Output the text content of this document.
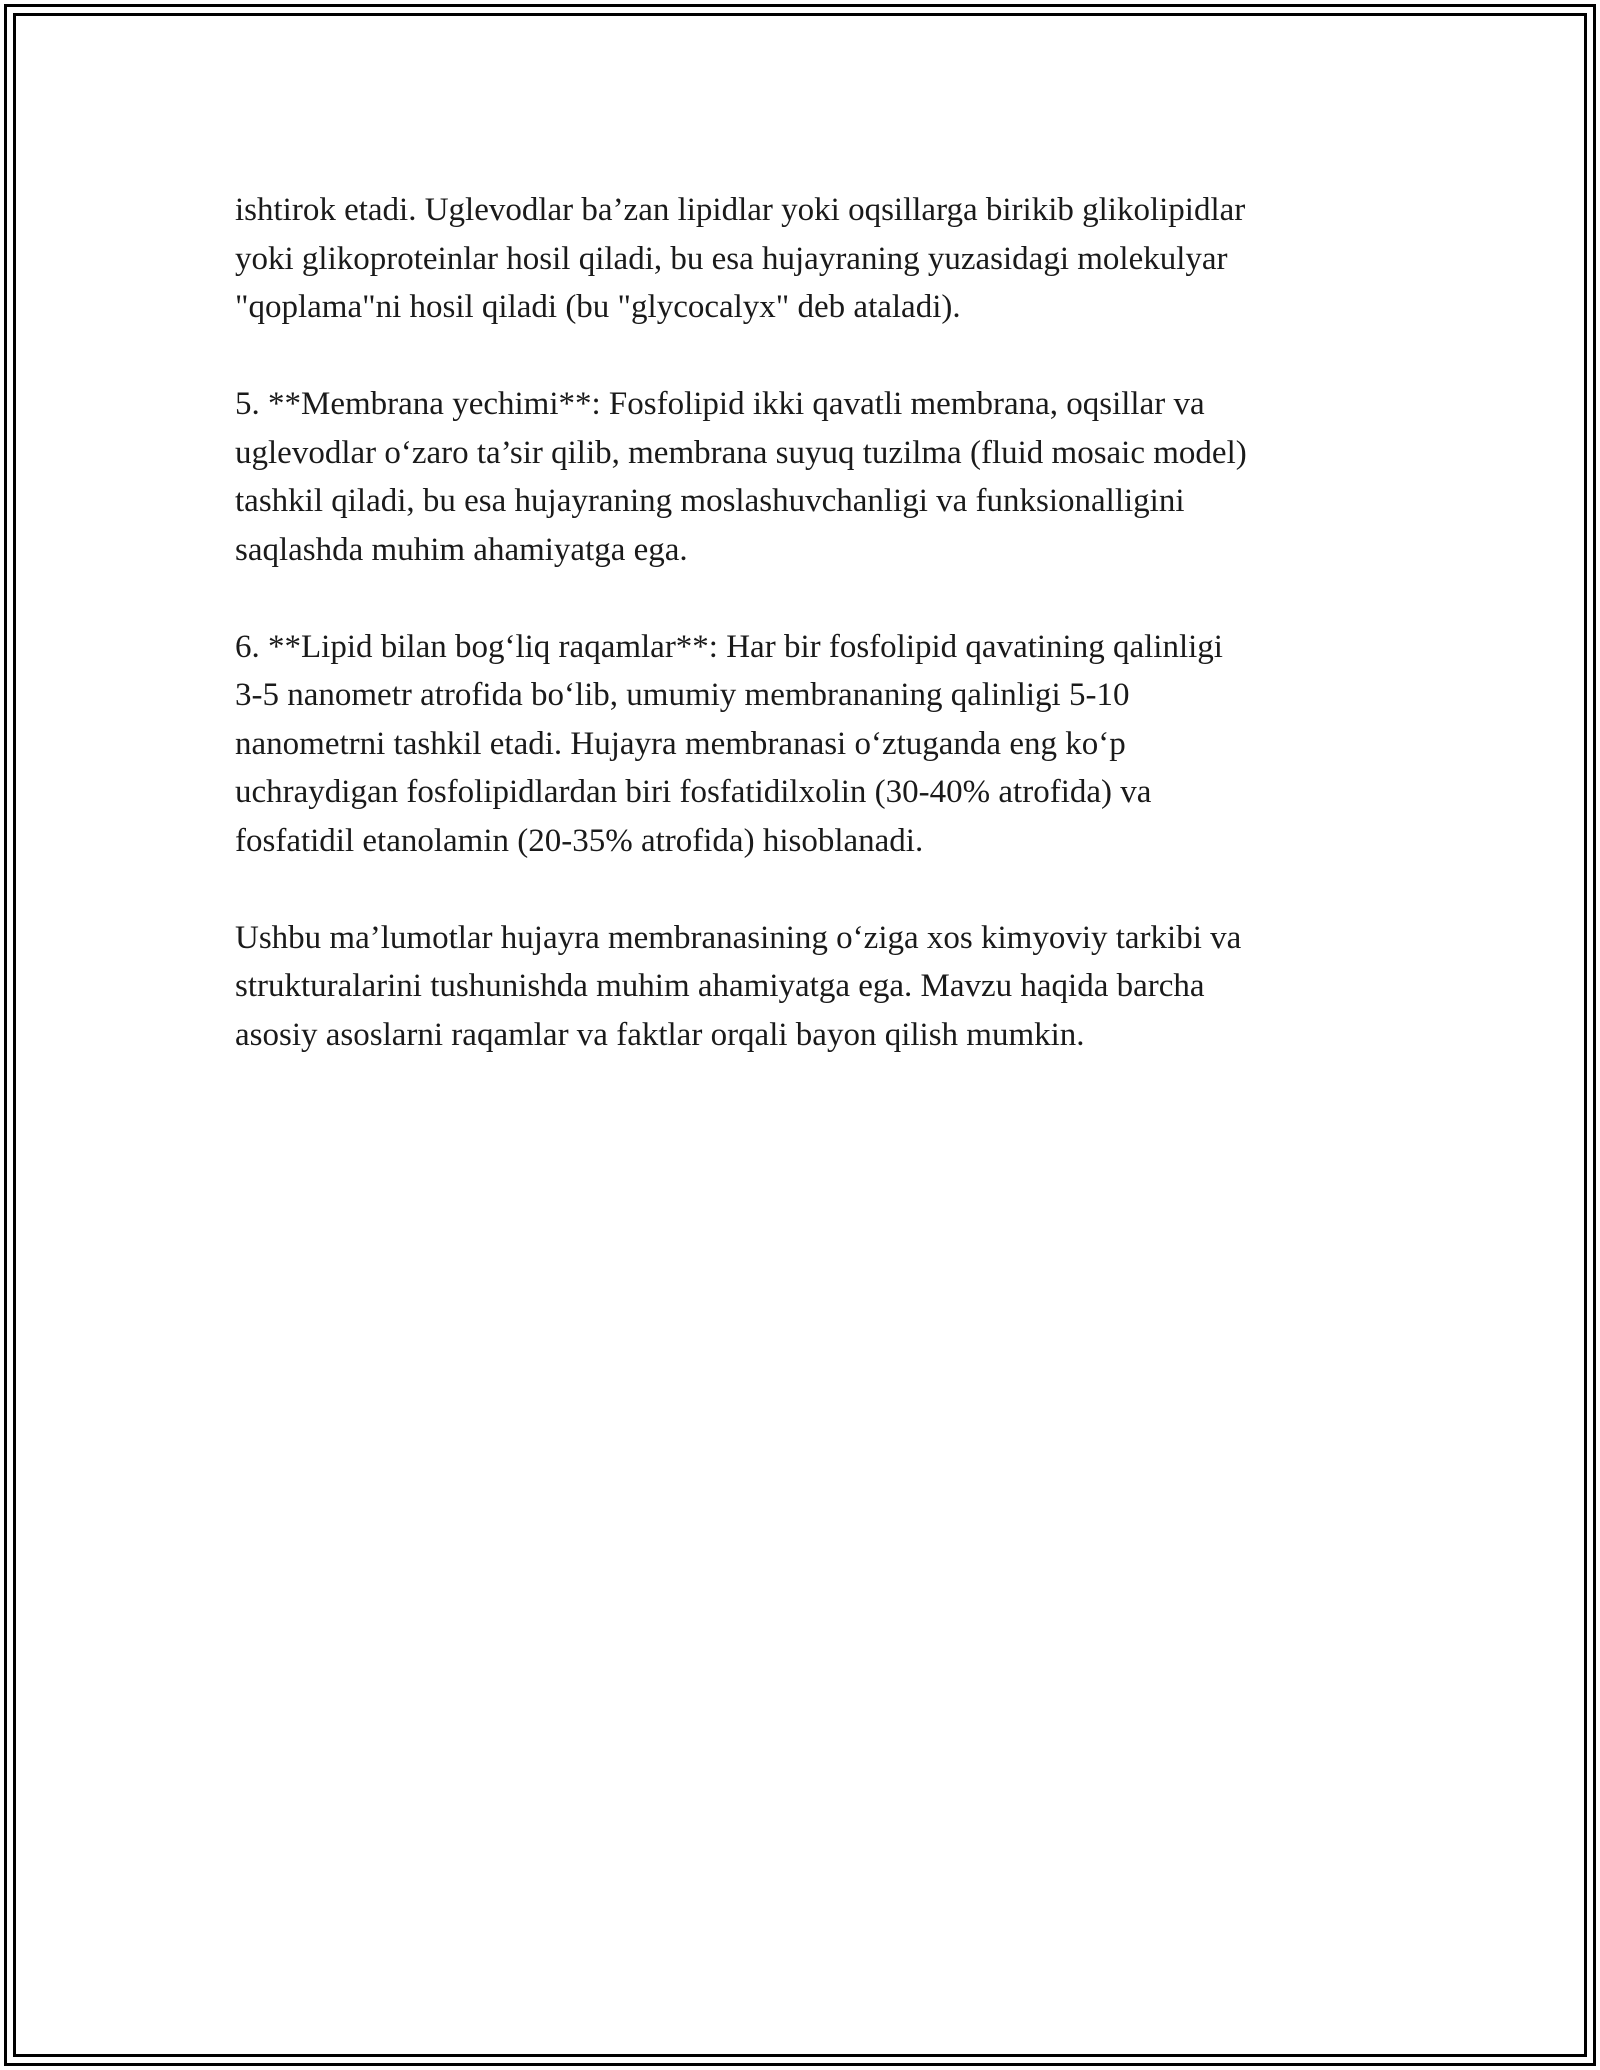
ishtirok etadi. Uglevodlar ba’zan lipidlar yoki oqsillarga birikib glikolipidlar
yoki glikoproteinlar hosil qiladi, bu esa hujayraning yuzasidagi molekulyar
"qoplama"ni hosil qiladi (bu "glycocalyx" deb ataladi).

5. **Membrana yechimi**: Fosfolipid ikki qavatli membrana, oqsillar va
uglevodlar o‘zaro ta’sir qilib, membrana suyuq tuzilma (fluid mosaic model)
tashkil qiladi, bu esa hujayraning moslashuvchanligi va funksionalligini
saqlashda muhim ahamiyatga ega.

6. **Lipid bilan bog‘liq raqamlar**: Har bir fosfolipid qavatining qalinligi
3-5 nanometr atrofida bo‘lib, umumiy membrananing qalinligi 5-10
nanometrni tashkil etadi. Hujayra membranasi o‘ztuganda eng ko‘p
uchraydigan fosfolipidlardan biri fosfatidilxolin (30-40% atrofida) va
fosfatidil etanolamin (20-35% atrofida) hisoblanadi.

Ushbu ma’lumotlar hujayra membranasining o‘ziga xos kimyoviy tarkibi va
strukturalarini tushunishda muhim ahamiyatga ega. Mavzu haqida barcha
asosiy asoslarni raqamlar va faktlar orqali bayon qilish mumkin.
